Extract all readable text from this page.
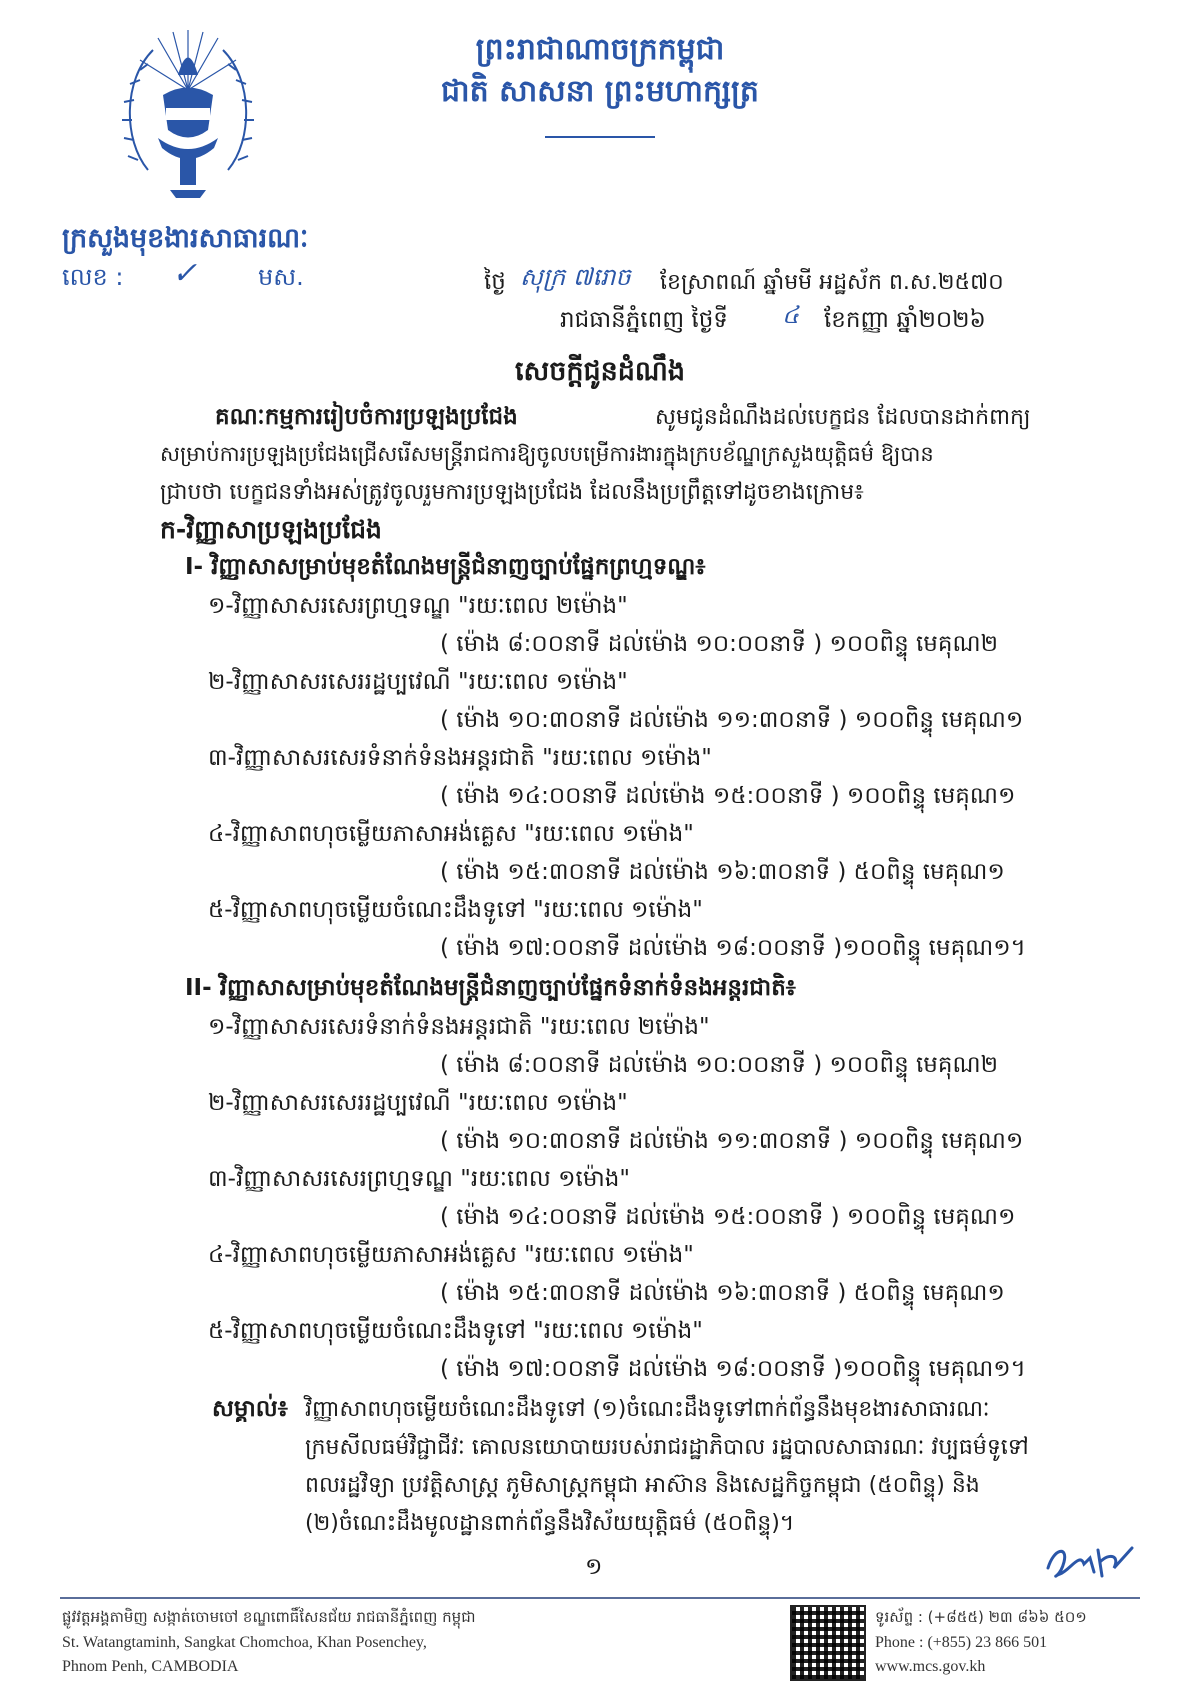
ព្រះរាជាណាចក្រកម្ពុជា
ជាតិ សាសនា ព្រះមហាក្សត្រ
ក្រសួងមុខងារសាធារណៈ
លេខ : ✓	មស.	ថ្ងៃ សុក្រ ៧រោច ខែស្រាពណ៍ ឆ្នាំមមី អដ្ឋស័ក ព.ស.២៥៧០
រាជធានីភ្នំពេញ ថ្ងៃទី ៤ ខែកញ្ញា ឆ្នាំ២០២៦
សេចក្តីជូនដំណឹង
គណៈកម្មការរៀបចំការប្រឡងប្រជែង	សូមជូនដំណឹងដល់បេក្ខជន ដែលបានដាក់ពាក្យ
សម្រាប់ការប្រឡងប្រជែងជ្រើសរើសមន្ត្រីរាជការឱ្យចូលបម្រើការងារក្នុងក្របខ័ណ្ឌក្រសួងយុត្តិធម៌ ឱ្យបាន
ជ្រាបថា បេក្ខជនទាំងអស់ត្រូវចូលរួមការប្រឡងប្រជែង ដែលនឹងប្រព្រឹត្តទៅដូចខាងក្រោម៖
ក-វិញ្ញាសាប្រឡងប្រជែង
I- វិញ្ញាសាសម្រាប់មុខតំណែងមន្ត្រីជំនាញច្បាប់ផ្នែកព្រហ្មទណ្ឌ៖
១-វិញ្ញាសាសរសេរព្រហ្មទណ្ឌ "រយៈពេល ២ម៉ោង"
( ម៉ោង ៨:០០នាទី ដល់ម៉ោង ១០:០០នាទី ) ១០០ពិន្ទុ មេគុណ២
២-វិញ្ញាសាសរសេររដ្ឋប្បវេណី "រយៈពេល ១ម៉ោង"
( ម៉ោង ១០:៣០នាទី ដល់ម៉ោង ១១:៣០នាទី ) ១០០ពិន្ទុ មេគុណ១
៣-វិញ្ញាសាសរសេរទំនាក់ទំនងអន្តរជាតិ "រយៈពេល ១ម៉ោង"
( ម៉ោង ១៤:០០នាទី ដល់ម៉ោង ១៥:០០នាទី ) ១០០ពិន្ទុ មេគុណ១
៤-វិញ្ញាសាពហុចម្លើយភាសាអង់គ្លេស "រយៈពេល ១ម៉ោង"
( ម៉ោង ១៥:៣០នាទី ដល់ម៉ោង ១៦:៣០នាទី ) ៥០ពិន្ទុ មេគុណ១
៥-វិញ្ញាសាពហុចម្លើយចំណេះដឹងទូទៅ "រយៈពេល ១ម៉ោង"
( ម៉ោង ១៧:០០នាទី ដល់ម៉ោង ១៨:០០នាទី )១០០ពិន្ទុ មេគុណ១។
II- វិញ្ញាសាសម្រាប់មុខតំណែងមន្ត្រីជំនាញច្បាប់ផ្នែកទំនាក់ទំនងអន្តរជាតិ៖
១-វិញ្ញាសាសរសេរទំនាក់ទំនងអន្តរជាតិ "រយៈពេល ២ម៉ោង"
( ម៉ោង ៨:០០នាទី ដល់ម៉ោង ១០:០០នាទី ) ១០០ពិន្ទុ មេគុណ២
២-វិញ្ញាសាសរសេររដ្ឋប្បវេណី "រយៈពេល ១ម៉ោង"
( ម៉ោង ១០:៣០នាទី ដល់ម៉ោង ១១:៣០នាទី ) ១០០ពិន្ទុ មេគុណ១
៣-វិញ្ញាសាសរសេរព្រហ្មទណ្ឌ "រយៈពេល ១ម៉ោង"
( ម៉ោង ១៤:០០នាទី ដល់ម៉ោង ១៥:០០នាទី ) ១០០ពិន្ទុ មេគុណ១
៤-វិញ្ញាសាពហុចម្លើយភាសាអង់គ្លេស "រយៈពេល ១ម៉ោង"
( ម៉ោង ១៥:៣០នាទី ដល់ម៉ោង ១៦:៣០នាទី ) ៥០ពិន្ទុ មេគុណ១
៥-វិញ្ញាសាពហុចម្លើយចំណេះដឹងទូទៅ "រយៈពេល ១ម៉ោង"
( ម៉ោង ១៧:០០នាទី ដល់ម៉ោង ១៨:០០នាទី )១០០ពិន្ទុ មេគុណ១។
សម្គាល់៖ វិញ្ញាសាពហុចម្លើយចំណេះដឹងទូទៅ (១)ចំណេះដឹងទូទៅពាក់ព័ន្ធនឹងមុខងារសាធារណៈ
ក្រមសីលធម៌វិជ្ជាជីវៈ គោលនយោបាយរបស់រាជរដ្ឋាភិបាល រដ្ឋបាលសាធារណៈ វប្បធម៌ទូទៅ
ពលរដ្ឋវិទ្យា ប្រវត្តិសាស្ត្រ ភូមិសាស្ត្រកម្ពុជា អាស៊ាន និងសេដ្ឋកិច្ចកម្ពុជា (៥០ពិន្ទុ) និង
(២)ចំណេះដឹងមូលដ្ឋានពាក់ព័ន្ធនឹងវិស័យយុត្តិធម៌ (៥០ពិន្ទុ)។
១
ផ្លូវវត្តអង្គតាមិញ សង្កាត់ចោមចៅ ខណ្ឌពោធិ៍សែនជ័យ រាជធានីភ្នំពេញ កម្ពុជា
St. Watangtaminh, Sangkat Chomchoa, Khan Posenchey,
Phnom Penh, CAMBODIA
ទូរស័ព្ទ : (+៨៥៥) ២៣ ៨៦៦ ៥០១
Phone : (+855) 23 866 501
www.mcs.gov.kh
